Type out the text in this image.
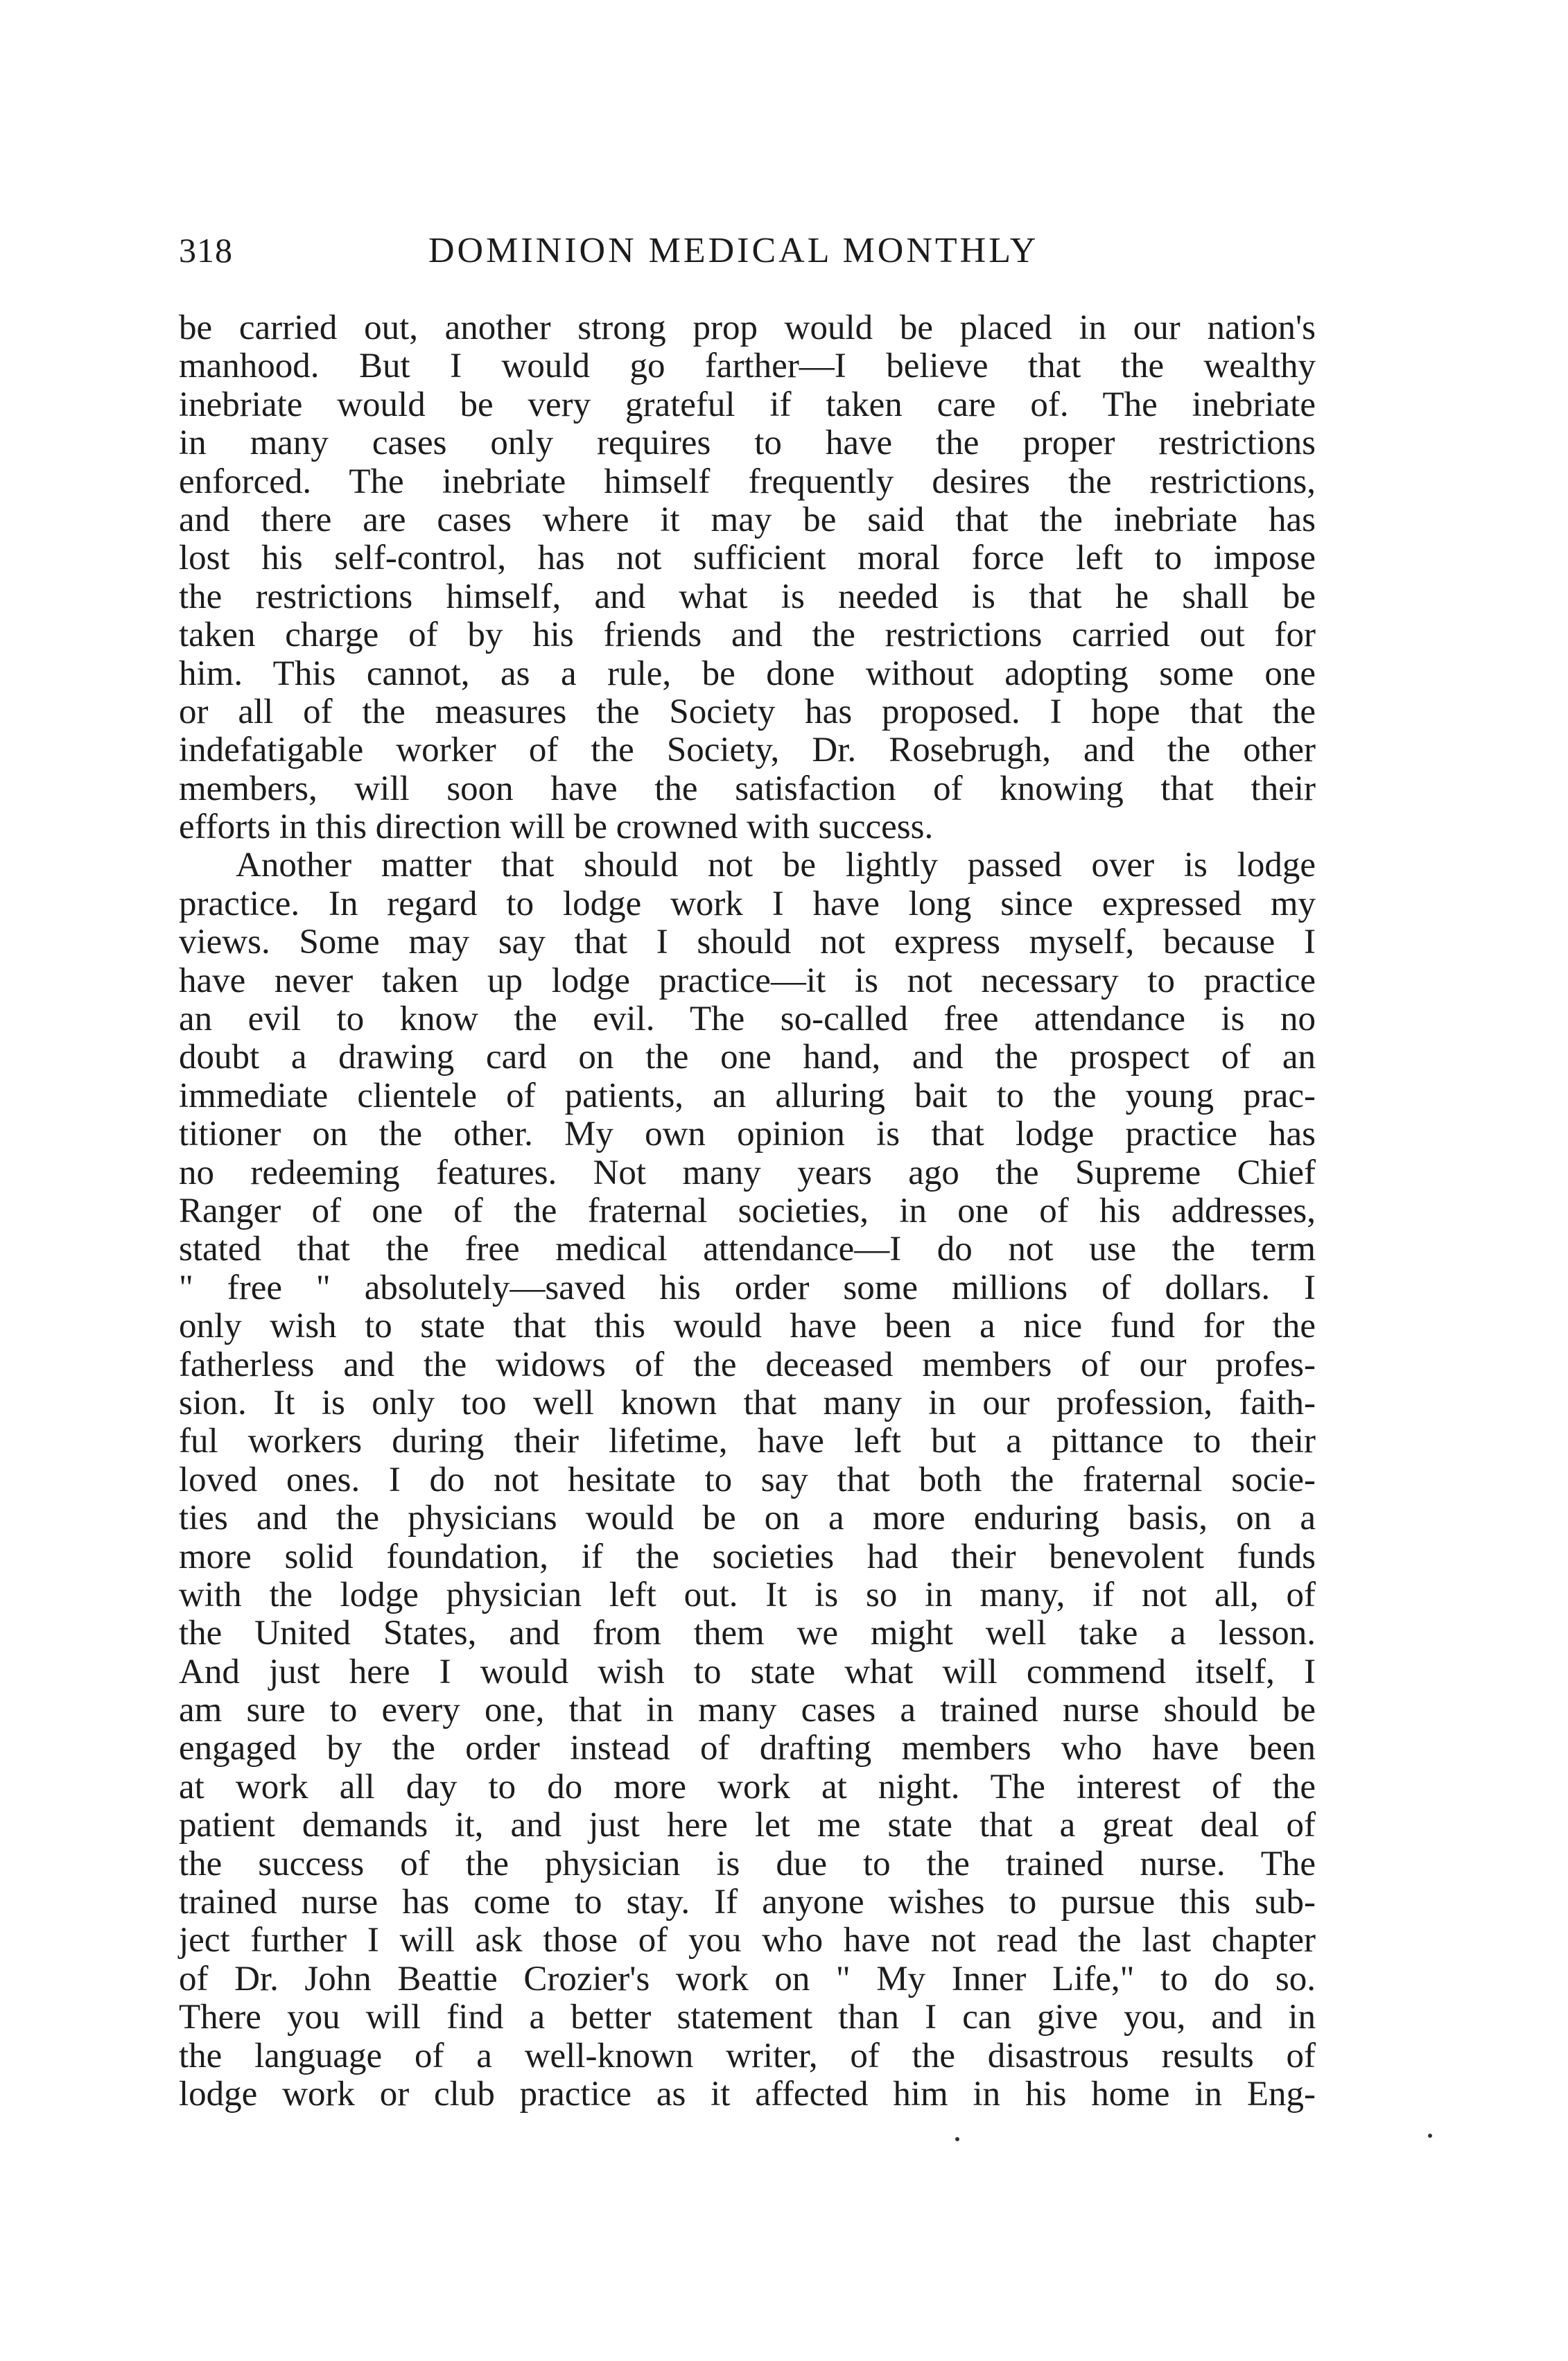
318	DOMINION MEDICAL MONTHLY
be carried out, another strong prop would be placed in our nation's
manhood. But I would go farther—I believe that the wealthy
inebriate would be very grateful if taken care of. The inebriate
in many cases only requires to have the proper restrictions
enforced. The inebriate himself frequently desires the restrictions,
and there are cases where it may be said that the inebriate has
lost his self-control, has not sufficient moral force left to impose
the restrictions himself, and what is needed is that he shall be
taken charge of by his friends and the restrictions carried out for
him. This cannot, as a rule, be done without adopting some one
or all of the measures the Society has proposed. I hope that the
indefatigable worker of the Society, Dr. Rosebrugh, and the other
members, will soon have the satisfaction of knowing that their
efforts in this direction will be crowned with success.
Another matter that should not be lightly passed over is lodge
practice. In regard to lodge work I have long since expressed my
views. Some may say that I should not express myself, because I
have never taken up lodge practice—it is not necessary to practice
an evil to know the evil. The so-called free attendance is no
doubt a drawing card on the one hand, and the prospect of an
immediate clientele of patients, an alluring bait to the young prac-
titioner on the other. My own opinion is that lodge practice has
no redeeming features. Not many years ago the Supreme Chief
Ranger of one of the fraternal societies, in one of his addresses,
stated that the free medical attendance—I do not use the term
" free " absolutely—saved his order some millions of dollars. I
only wish to state that this would have been a nice fund for the
fatherless and the widows of the deceased members of our profes-
sion. It is only too well known that many in our profession, faith-
ful workers during their lifetime, have left but a pittance to their
loved ones. I do not hesitate to say that both the fraternal socie-
ties and the physicians would be on a more enduring basis, on a
more solid foundation, if the societies had their benevolent funds
with the lodge physician left out. It is so in many, if not all, of
the United States, and from them we might well take a lesson.
And just here I would wish to state what will commend itself, I
am sure to every one, that in many cases a trained nurse should be
engaged by the order instead of drafting members who have been
at work all day to do more work at night. The interest of the
patient demands it, and just here let me state that a great deal of
the success of the physician is due to the trained nurse. The
trained nurse has come to stay. If anyone wishes to pursue this sub-
ject further I will ask those of you who have not read the last chapter
of Dr. John Beattie Crozier's work on " My Inner Life," to do so.
There you will find a better statement than I can give you, and in
the language of a well-known writer, of the disastrous results of
lodge work or club practice as it affected him in his home in Eng-
